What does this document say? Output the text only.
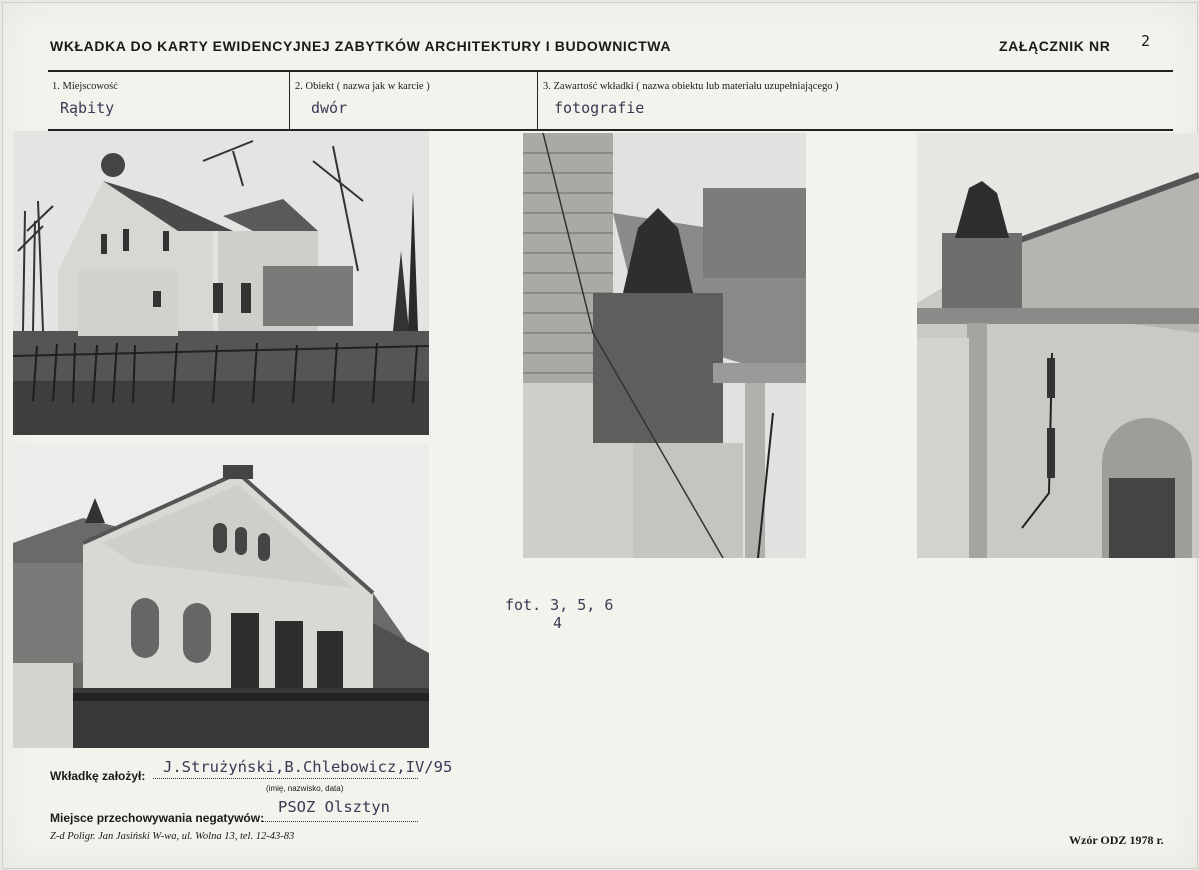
WKŁADKA DO KARTY EWIDENCYJNEJ ZABYTKÓW ARCHITEKTURY I BUDOWNICTWA	ZAŁĄCZNIK NR 2
1. Miejscowość
Rąbity
2. Obiekt ( nazwa jak w karcie )
dwór
3. Zawartość wkładki ( nazwa obiektu lub materiału uzupełniającego )
fotografie
fot. 3, 5, 6
4
Wkładkę założył: J.Strużyński,B.Chlebowicz,IV/95
(imię, nazwisko, data)
Miejsce przechowywania negatywów:
PSOZ Olsztyn
Z-d Poligr. Jan Jasiński W-wa, ul. Wolna 13, tel. 12-43-83	Wzór ODZ 1978 r.
